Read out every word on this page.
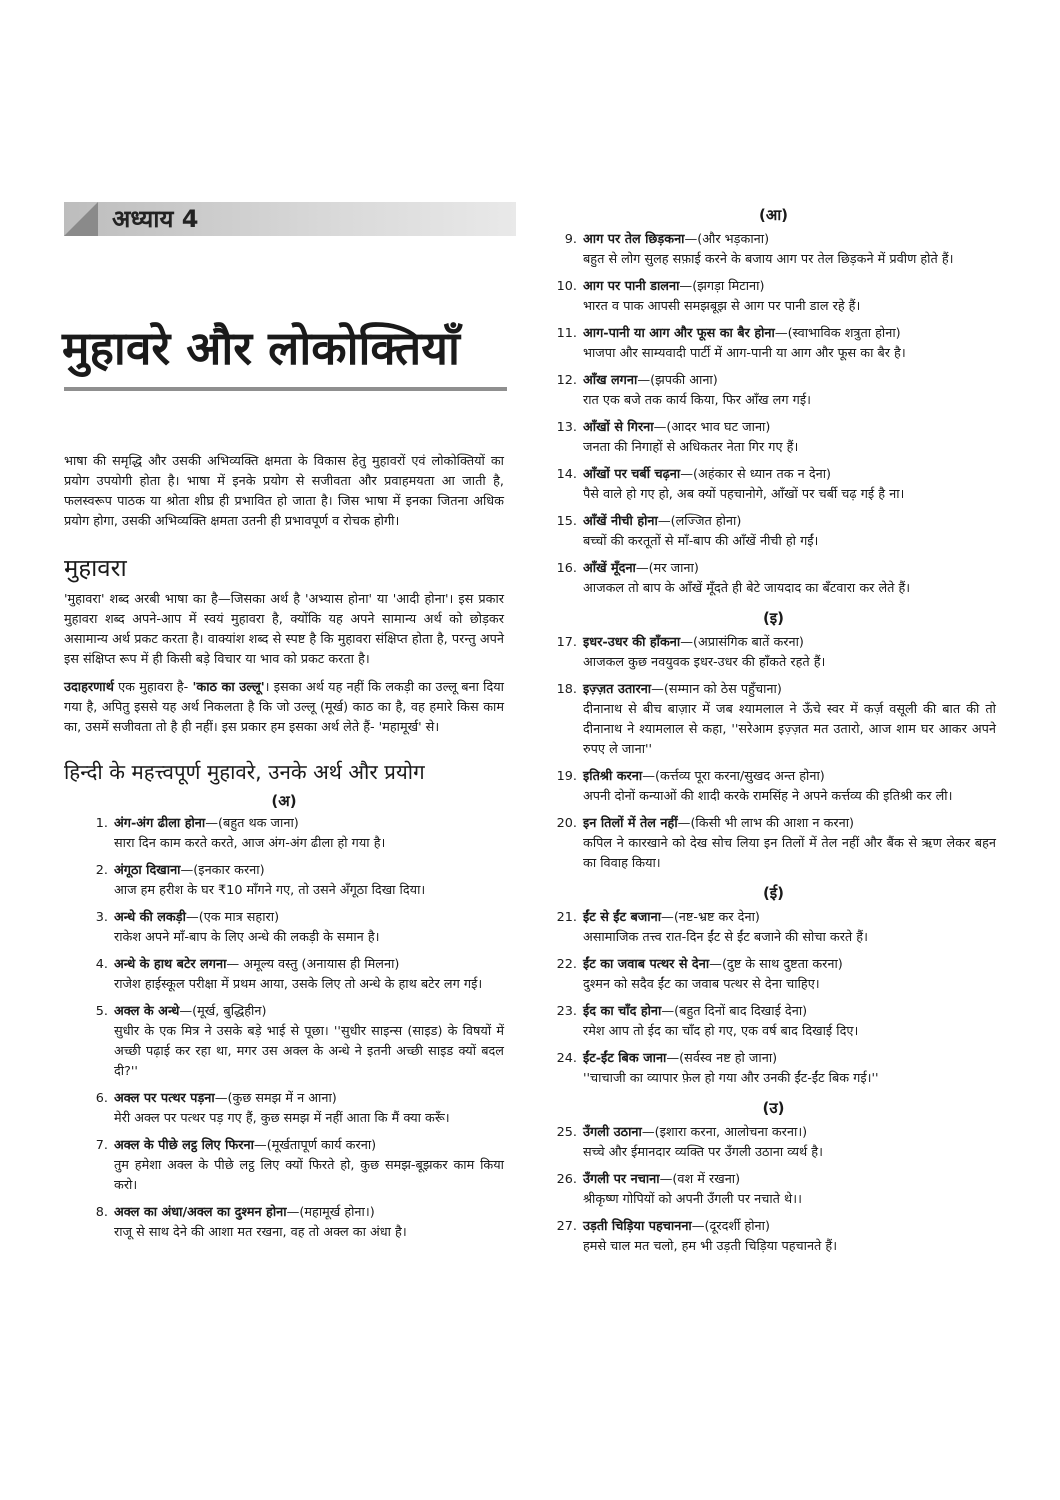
अध्याय 4
मुहावरे और लोकोक्तियाँ

भाषा की समृद्धि और उसकी अभिव्यक्ति क्षमता के विकास हेतु मुहावरों एवं लोकोक्तियों का प्रयोग उपयोगी होता है। भाषा में इनके प्रयोग से सजीवता और प्रवाहमयता आ जाती है, फलस्वरूप पाठक या श्रोता शीघ्र ही प्रभावित हो जाता है। जिस भाषा में इनका जितना अधिक प्रयोग होगा, उसकी अभिव्यक्ति क्षमता उतनी ही प्रभावपूर्ण व रोचक होगी।

मुहावरा

'मुहावरा' शब्द अरबी भाषा का है—जिसका अर्थ है 'अभ्यास होना' या 'आदी होना'। इस प्रकार मुहावरा शब्द अपने-आप में स्वयं मुहावरा है, क्योंकि यह अपने सामान्य अर्थ को छोड़कर असामान्य अर्थ प्रकट करता है। वाक्यांश शब्द से स्पष्ट है कि मुहावरा संक्षिप्त होता है, परन्तु अपने इस संक्षिप्त रूप में ही किसी बड़े विचार या भाव को प्रकट करता है।

उदाहरणार्थ एक मुहावरा है- 'काठ का उल्लू'। इसका अर्थ यह नहीं कि लकड़ी का उल्लू बना दिया गया है, अपितु इससे यह अर्थ निकलता है कि जो उल्लू (मूर्ख) काठ का है, वह हमारे किस काम का, उसमें सजीवता तो है ही नहीं। इस प्रकार हम इसका अर्थ लेते हैं- 'महामूर्ख' से।

हिन्दी के महत्त्वपूर्ण मुहावरे, उनके अर्थ और प्रयोग
(अ)
1. अंग-अंग ढीला होना—(बहुत थक जाना)
सारा दिन काम करते करते, आज अंग-अंग ढीला हो गया है।
2. अंगूठा दिखाना—(इनकार करना)
आज हम हरीश के घर ₹10 माँगने गए, तो उसने अँगूठा दिखा दिया।
3. अन्धे की लकड़ी—(एक मात्र सहारा)
राकेश अपने माँ-बाप के लिए अन्धे की लकड़ी के समान है।
4. अन्धे के हाथ बटेर लगना— अमूल्य वस्तु (अनायास ही मिलना)
राजेश हाईस्कूल परीक्षा में प्रथम आया, उसके लिए तो अन्धे के हाथ बटेर लग गई।
5. अक्ल के अन्धे—(मूर्ख, बुद्धिहीन)
सुधीर के एक मित्र ने उसके बड़े भाई से पूछा। ''सुधीर साइन्स (साइड) के विषयों में अच्छी पढ़ाई कर रहा था, मगर उस अक्ल के अन्धे ने इतनी अच्छी साइड क्यों बदल दी?''
6. अक्ल पर पत्थर पड़ना—(कुछ समझ में न आना)
मेरी अक्ल पर पत्थर पड़ गए हैं, कुछ समझ में नहीं आता कि मैं क्या करूँ।
7. अक्ल के पीछे लट्ठ लिए फिरना—(मूर्खतापूर्ण कार्य करना)
तुम हमेशा अक्ल के पीछे लट्ठ लिए क्यों फिरते हो, कुछ समझ-बूझकर काम किया करो।
8. अक्ल का अंधा/अक्ल का दुश्मन होना—(महामूर्ख होना।)
राजू से साथ देने की आशा मत रखना, वह तो अक्ल का अंधा है।
(आ)
9. आग पर तेल छिड़कना—(और भड़काना)
बहुत से लोग सुलह सफ़ाई करने के बजाय आग पर तेल छिड़कने में प्रवीण होते हैं।
10. आग पर पानी डालना—(झगड़ा मिटाना)
भारत व पाक आपसी समझबूझ से आग पर पानी डाल रहे हैं।
11. आग-पानी या आग और फूस का बैर होना—(स्वाभाविक शत्रुता होना)
भाजपा और साम्यवादी पार्टी में आग-पानी या आग और फूस का बैर है।
12. आँख लगना—(झपकी आना)
रात एक बजे तक कार्य किया, फिर आँख लग गई।
13. आँखों से गिरना—(आदर भाव घट जाना)
जनता की निगाहों से अधिकतर नेता गिर गए हैं।
14. आँखों पर चर्बी चढ़ना—(अहंकार से ध्यान तक न देना)
पैसे वाले हो गए हो, अब क्यों पहचानोगे, आँखों पर चर्बी चढ़ गई है ना।
15. आँखें नीची होना—(लज्जित होना)
बच्चों की करतूतों से माँ-बाप की आँखें नीची हो गईं।
16. आँखें मूँदना—(मर जाना)
आजकल तो बाप के आँखें मूँदते ही बेटे जायदाद का बँटवारा कर लेते हैं।
(इ)
17. इधर-उधर की हाँकना—(अप्रासंगिक बातें करना)
आजकल कुछ नवयुवक इधर-उधर की हाँकते रहते हैं।
18. इज़्ज़त उतारना—(सम्मान को ठेस पहुँचाना)
दीनानाथ से बीच बाज़ार में जब श्यामलाल ने ऊँचे स्वर में कर्ज़ वसूली की बात की तो दीनानाथ ने श्यामलाल से कहा, ''सरेआम इज़्ज़त मत उतारो, आज शाम घर आकर अपने रुपए ले जाना''
19. इतिश्री करना—(कर्त्तव्य पूरा करना/सुखद अन्त होना)
अपनी दोनों कन्याओं की शादी करके रामसिंह ने अपने कर्त्तव्य की इतिश्री कर ली।
20. इन तिलों में तेल नहीं—(किसी भी लाभ की आशा न करना)
कपिल ने कारखाने को देख सोच लिया इन तिलों में तेल नहीं और बैंक से ऋण लेकर बहन का विवाह किया।
(ई)
21. ईंट से ईंट बजाना—(नष्ट-भ्रष्ट कर देना)
असामाजिक तत्त्व रात-दिन ईंट से ईंट बजाने की सोचा करते हैं।
22. ईंट का जवाब पत्थर से देना—(दुष्ट के साथ दुष्टता करना)
दुश्मन को सदैव ईंट का जवाब पत्थर से देना चाहिए।
23. ईद का चाँद होना—(बहुत दिनों बाद दिखाई देना)
रमेश आप तो ईद का चाँद हो गए, एक वर्ष बाद दिखाई दिए।
24. ईंट-ईंट बिक जाना—(सर्वस्व नष्ट हो जाना)
''चाचाजी का व्यापार फ़ेल हो गया और उनकी ईंट-ईंट बिक गई।''
(उ)
25. उँगली उठाना—(इशारा करना, आलोचना करना।)
सच्चे और ईमानदार व्यक्ति पर उँगली उठाना व्यर्थ है।
26. उँगली पर नचाना—(वश में रखना)
श्रीकृष्ण गोपियों को अपनी उँगली पर नचाते थे।।
27. उड़ती चिड़िया पहचानना—(दूरदर्शी होना)
हमसे चाल मत चलो, हम भी उड़ती चिड़िया पहचानते हैं।
